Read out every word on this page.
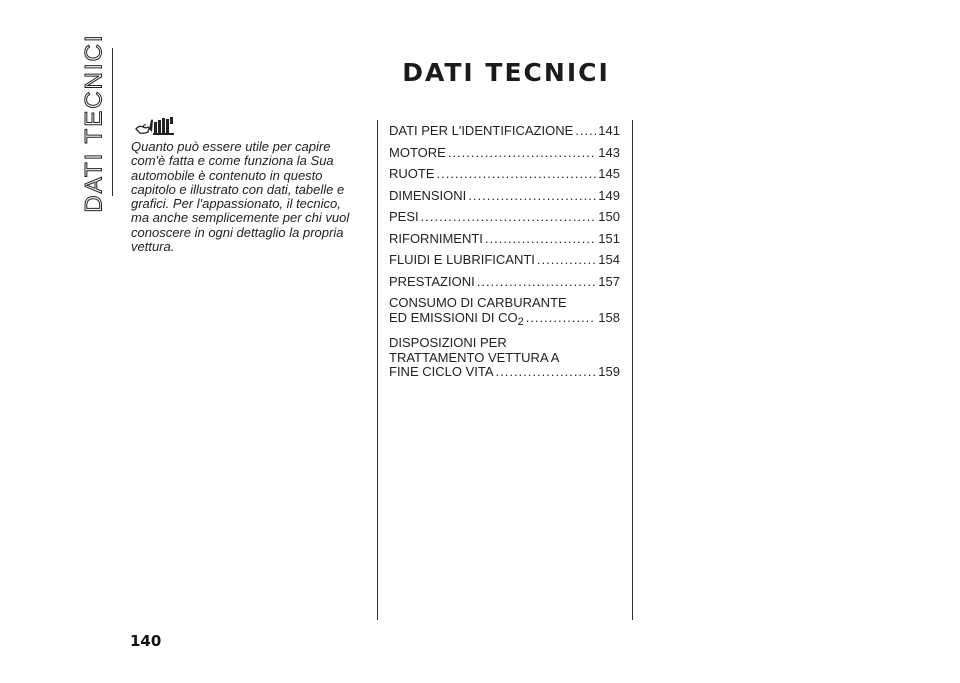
DATI TECNICI	DATI TECNICI
Quanto può essere utile per capire com'è fatta e come funziona la Sua automobile è contenuto in questo capitolo e illustrato con dati, tabelle e grafici. Per l'appassionato, il tecnico, ma anche semplicemente per chi vuol conoscere in ogni dettaglio la propria vettura.
DATI PER L'IDENTIFICAZIONE ..... 141
MOTORE .....	143
RUOTE .....	145
DIMENSIONI .....	149
PESI .....	150
RIFORNIMENTI .....	151
FLUIDI E LUBRIFICANTI .....	154
PRESTAZIONI .....	157
CONSUMO DI CARBURANTE
ED EMISSIONI DI $CO_2$ .....	158
DISPOSIZIONI PER
TRATTAMENTO VETTURA A
FINE CICLO VITA .....	159
140
